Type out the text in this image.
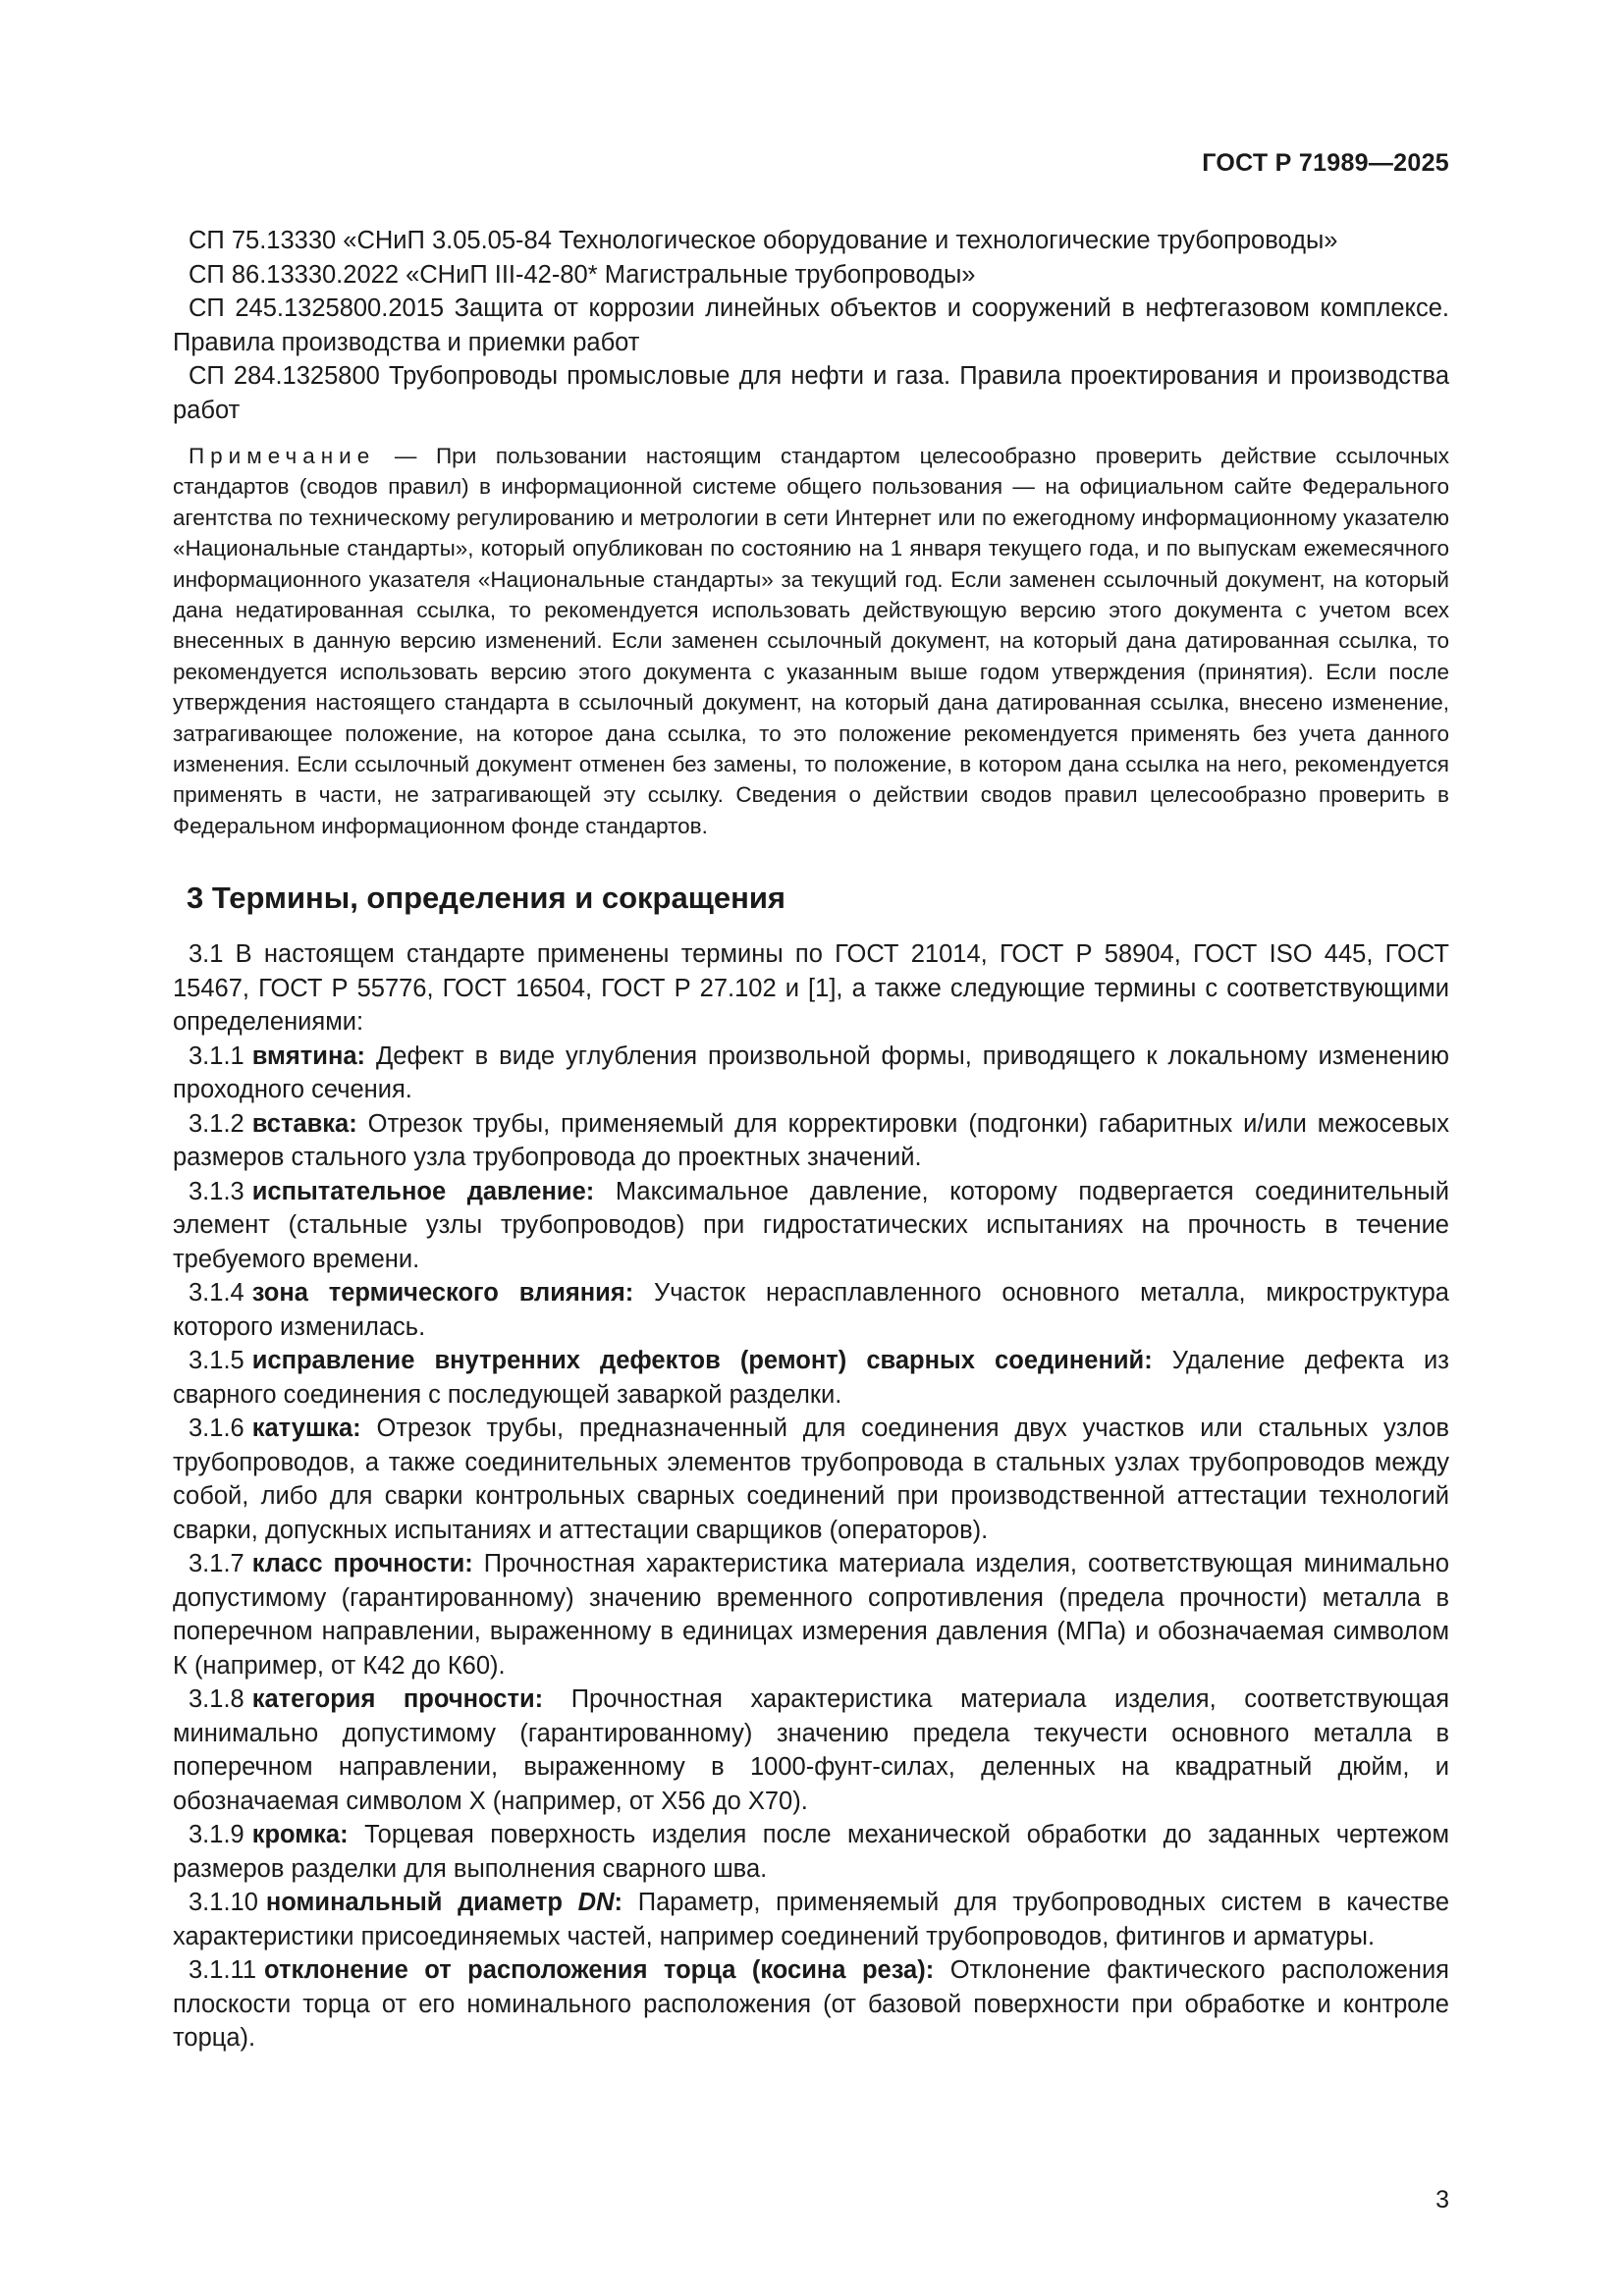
ГОСТ Р 71989—2025

СП 75.13330 «СНиП 3.05.05-84 Технологическое оборудование и технологические трубопроводы»

СП 86.13330.2022 «СНиП III-42-80* Магистральные трубопроводы»

СП 245.1325800.2015 Защита от коррозии линейных объектов и сооружений в нефтегазовом комплексе. Правила производства и приемки работ

СП 284.1325800 Трубопроводы промысловые для нефти и газа. Правила проектирования и производства работ

Примечание — При пользовании настоящим стандартом целесообразно проверить действие ссылочных стандартов (сводов правил) в информационной системе общего пользования — на официальном сайте Федерального агентства по техническому регулированию и метрологии в сети Интернет или по ежегодному информационному указателю «Национальные стандарты», который опубликован по состоянию на 1 января текущего года, и по выпускам ежемесячного информационного указателя «Национальные стандарты» за текущий год. Если заменен ссылочный документ, на который дана недатированная ссылка, то рекомендуется использовать действующую версию этого документа с учетом всех внесенных в данную версию изменений. Если заменен ссылочный документ, на который дана датированная ссылка, то рекомендуется использовать версию этого документа с указанным выше годом утверждения (принятия). Если после утверждения настоящего стандарта в ссылочный документ, на который дана датированная ссылка, внесено изменение, затрагивающее положение, на которое дана ссылка, то это положение рекомендуется применять без учета данного изменения. Если ссылочный документ отменен без замены, то положение, в котором дана ссылка на него, рекомендуется применять в части, не затрагивающей эту ссылку. Сведения о действии сводов правил целесообразно проверить в Федеральном информационном фонде стандартов.

3 Термины, определения и сокращения

3.1 В настоящем стандарте применены термины по ГОСТ 21014, ГОСТ Р 58904, ГОСТ ISO 445, ГОСТ 15467, ГОСТ Р 55776, ГОСТ 16504, ГОСТ Р 27.102 и [1], а также следующие термины с соответствующими определениями:

3.1.1 вмятина: Дефект в виде углубления произвольной формы, приводящего к локальному изменению проходного сечения.

3.1.2 вставка: Отрезок трубы, применяемый для корректировки (подгонки) габаритных и/или межосевых размеров стального узла трубопровода до проектных значений.

3.1.3 испытательное давление: Максимальное давление, которому подвергается соединительный элемент (стальные узлы трубопроводов) при гидростатических испытаниях на прочность в течение требуемого времени.

3.1.4 зона термического влияния: Участок нерасплавленного основного металла, микроструктура которого изменилась.

3.1.5 исправление внутренних дефектов (ремонт) сварных соединений: Удаление дефекта из сварного соединения с последующей заваркой разделки.

3.1.6 катушка: Отрезок трубы, предназначенный для соединения двух участков или стальных узлов трубопроводов, а также соединительных элементов трубопровода в стальных узлах трубопроводов между собой, либо для сварки контрольных сварных соединений при производственной аттестации технологий сварки, допускных испытаниях и аттестации сварщиков (операторов).

3.1.7 класс прочности: Прочностная характеристика материала изделия, соответствующая минимально допустимому (гарантированному) значению временного сопротивления (предела прочности) металла в поперечном направлении, выраженному в единицах измерения давления (МПа) и обозначаемая символом К (например, от К42 до К60).

3.1.8 категория прочности: Прочностная характеристика материала изделия, соответствующая минимально допустимому (гарантированному) значению предела текучести основного металла в поперечном направлении, выраженному в 1000-фунт-силах, деленных на квадратный дюйм, и обозначаемая символом X (например, от X56 до X70).

3.1.9 кромка: Торцевая поверхность изделия после механической обработки до заданных чертежом размеров разделки для выполнения сварного шва.

3.1.10 номинальный диаметр DN: Параметр, применяемый для трубопроводных систем в качестве характеристики присоединяемых частей, например соединений трубопроводов, фитингов и арматуры.

3.1.11 отклонение от расположения торца (косина реза): Отклонение фактического расположения плоскости торца от его номинального расположения (от базовой поверхности при обработке и контроле торца).

3
